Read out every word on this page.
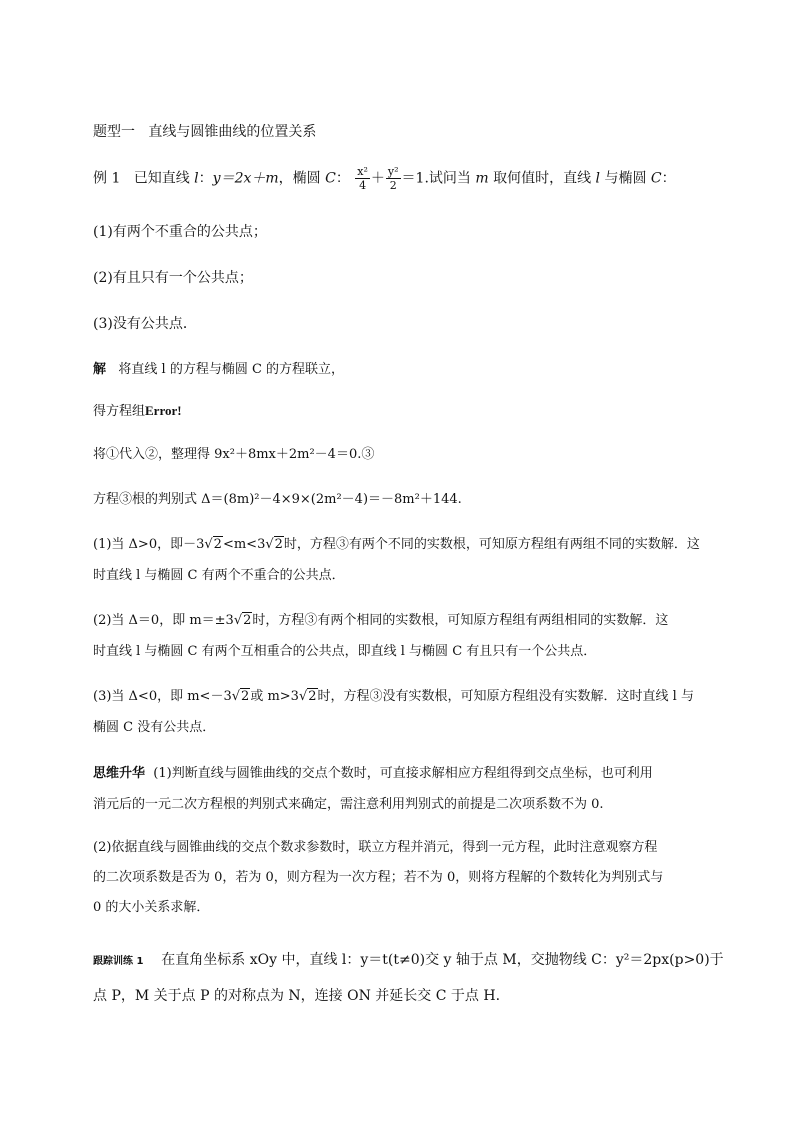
题型一 直线与圆锥曲线的位置关系
例 1 已知直线 l：y＝2x＋m，椭圆 C： $\frac{\text{x²}}{4} + \frac{\text{y²}}{2} =1$.试问当 m 取何值时，直线 l 与椭圆 C：
(1)有两个不重合的公共点；
(2)有且只有一个公共点；
(3)没有公共点．
解 将直线 l 的方程与椭圆 C 的方程联立，
得方程组Error!
将①代入②，整理得 9x²＋8mx＋2m²－4＝0.③
方程③根的判别式 Δ＝(8m)²－4×9×(2m²－4)＝－8m²＋144.
(1)当 Δ>0，即－3√2<m<3√2时，方程③有两个不同的实数根，可知原方程组有两组不同的实数解．这
时直线 l 与椭圆 C 有两个不重合的公共点．
(2)当 Δ＝0，即 m＝±3√2时，方程③有两个相同的实数根，可知原方程组有两组相同的实数解．这
时直线 l 与椭圆 C 有两个互相重合的公共点，即直线 l 与椭圆 C 有且只有一个公共点．
(3)当 Δ<0，即 m<－3√2或 m>3√2时，方程③没有实数根，可知原方程组没有实数解．这时直线 l 与
椭圆 C 没有公共点．
思维升华 (1)判断直线与圆锥曲线的交点个数时，可直接求解相应方程组得到交点坐标，也可利用
消元后的一元二次方程根的判别式来确定，需注意利用判别式的前提是二次项系数不为 0.
(2)依据直线与圆锥曲线的交点个数求参数时，联立方程并消元，得到一元方程，此时注意观察方程
的二次项系数是否为 0，若为 0，则方程为一次方程；若不为 0，则将方程解的个数转化为判别式与
0 的大小关系求解．
跟踪训练 1 在直角坐标系 xOy 中，直线 l：y＝t(t≠0)交 y 轴于点 M，交抛物线 C：y²＝2px(p>0)于
点 P，M 关于点 P 的对称点为 N，连接 ON 并延长交 C 于点 H.
